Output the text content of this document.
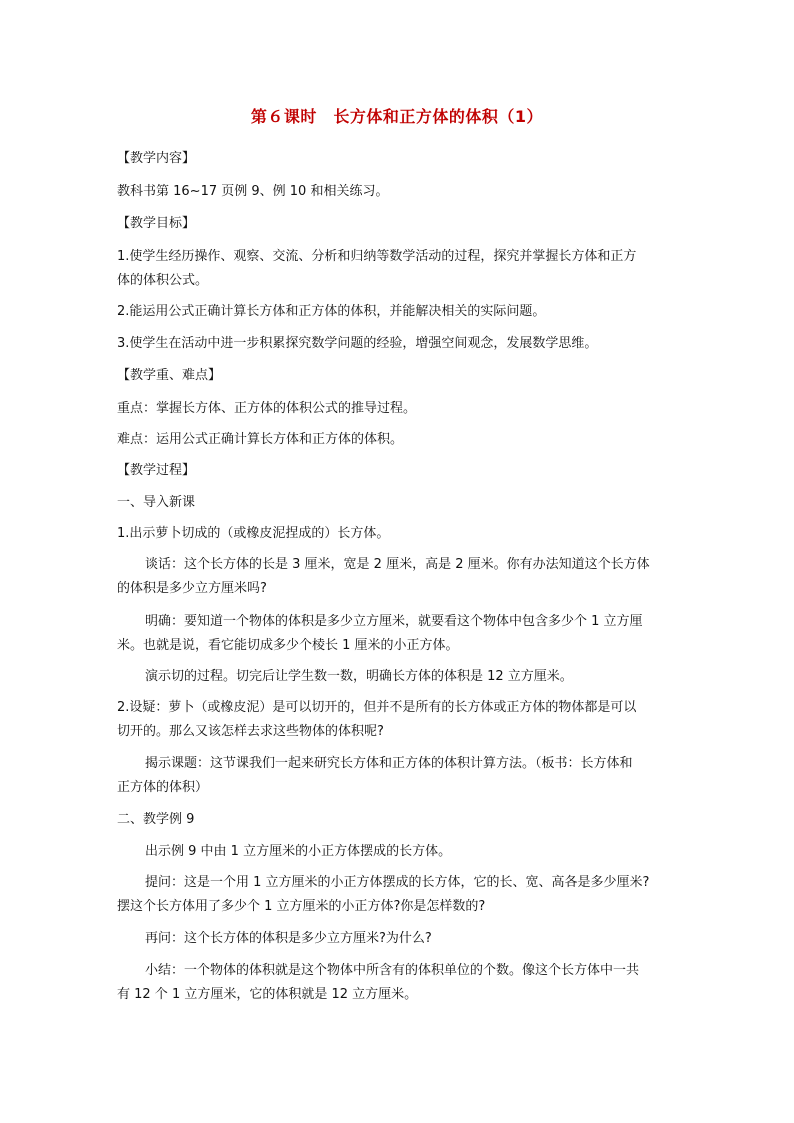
第６课时　长方体和正方体的体积（1）
【教学内容】
教科书第 16~17 页例 9、例 10 和相关练习。
【教学目标】
1.使学生经历操作、观察、交流、分析和归纳等数学活动的过程，探究并掌握长方体和正方
体的体积公式。
2.能运用公式正确计算长方体和正方体的体积，并能解决相关的实际问题。
3.使学生在活动中进一步积累探究数学问题的经验，增强空间观念，发展数学思维。
【教学重、难点】
重点：掌握长方体、正方体的体积公式的推导过程。
难点：运用公式正确计算长方体和正方体的体积。
【教学过程】
一、导入新课
1.出示萝卜切成的（或橡皮泥捏成的）长方体。
谈话：这个长方体的长是 3 厘米，宽是 2 厘米，高是 2 厘米。你有办法知道这个长方体
的体积是多少立方厘米吗?
明确：要知道一个物体的体积是多少立方厘米，就要看这个物体中包含多少个 1 立方厘
米。也就是说，看它能切成多少个棱长 1 厘米的小正方体。
演示切的过程。切完后让学生数一数，明确长方体的体积是 12 立方厘米。
2.设疑：萝卜（或橡皮泥）是可以切开的，但并不是所有的长方体或正方体的物体都是可以
切开的。那么又该怎样去求这些物体的体积呢?
揭示课题：这节课我们一起来研究长方体和正方体的体积计算方法。（板书：长方体和
正方体的体积）
二、教学例 9
出示例 9 中由 1 立方厘米的小正方体摆成的长方体。
提问：这是一个用 1 立方厘米的小正方体摆成的长方体，它的长、宽、高各是多少厘米?
摆这个长方体用了多少个 1 立方厘米的小正方体?你是怎样数的?
再问：这个长方体的体积是多少立方厘米?为什么?
小结：一个物体的体积就是这个物体中所含有的体积单位的个数。像这个长方体中一共
有 12 个 1 立方厘米，它的体积就是 12 立方厘米。
